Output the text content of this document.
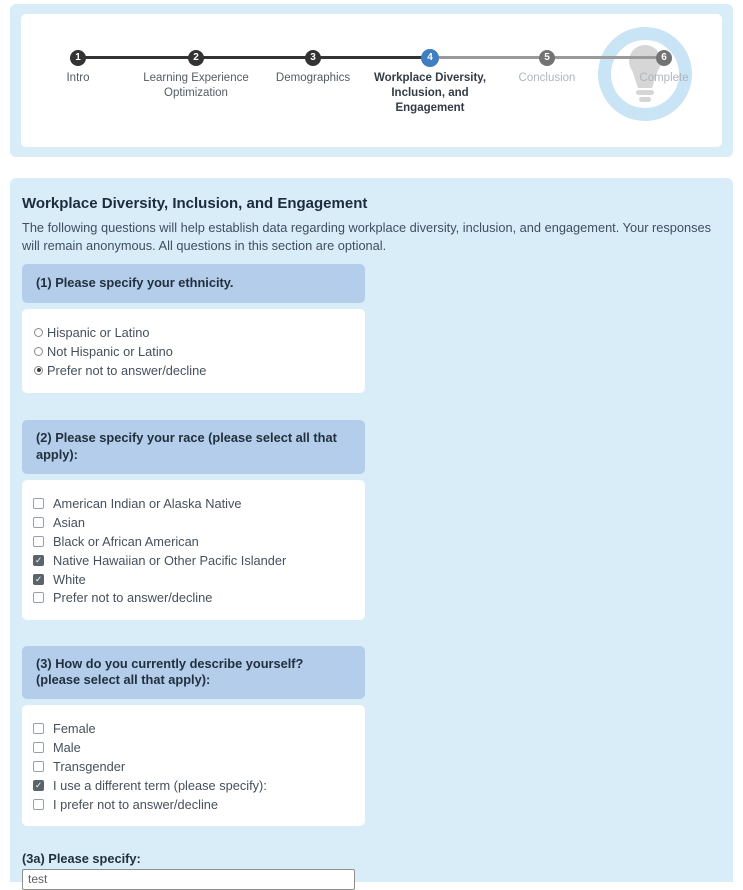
1
Intro
2
Learning Experience Optimization
3
Demographics
4
Workplace Diversity, Inclusion, and Engagement
5
Conclusion
6
Complete
Workplace Diversity, Inclusion, and Engagement
The following questions will help establish data regarding workplace diversity, inclusion, and engagement. Your responses will remain anonymous. All questions in this section are optional.
(1) Please specify your ethnicity.
Hispanic or Latino
Not Hispanic or Latino
Prefer not to answer/decline
(2) Please specify your race (please select all that apply):
American Indian or Alaska Native
Asian
Black or African American
✓
Native Hawaiian or Other Pacific Islander
✓
White
Prefer not to answer/decline
(3) How do you currently describe yourself? (please select all that apply):
Female
Male
Transgender
✓
I use a different term (please specify):
I prefer not to answer/decline
(3a) Please specify:
test
